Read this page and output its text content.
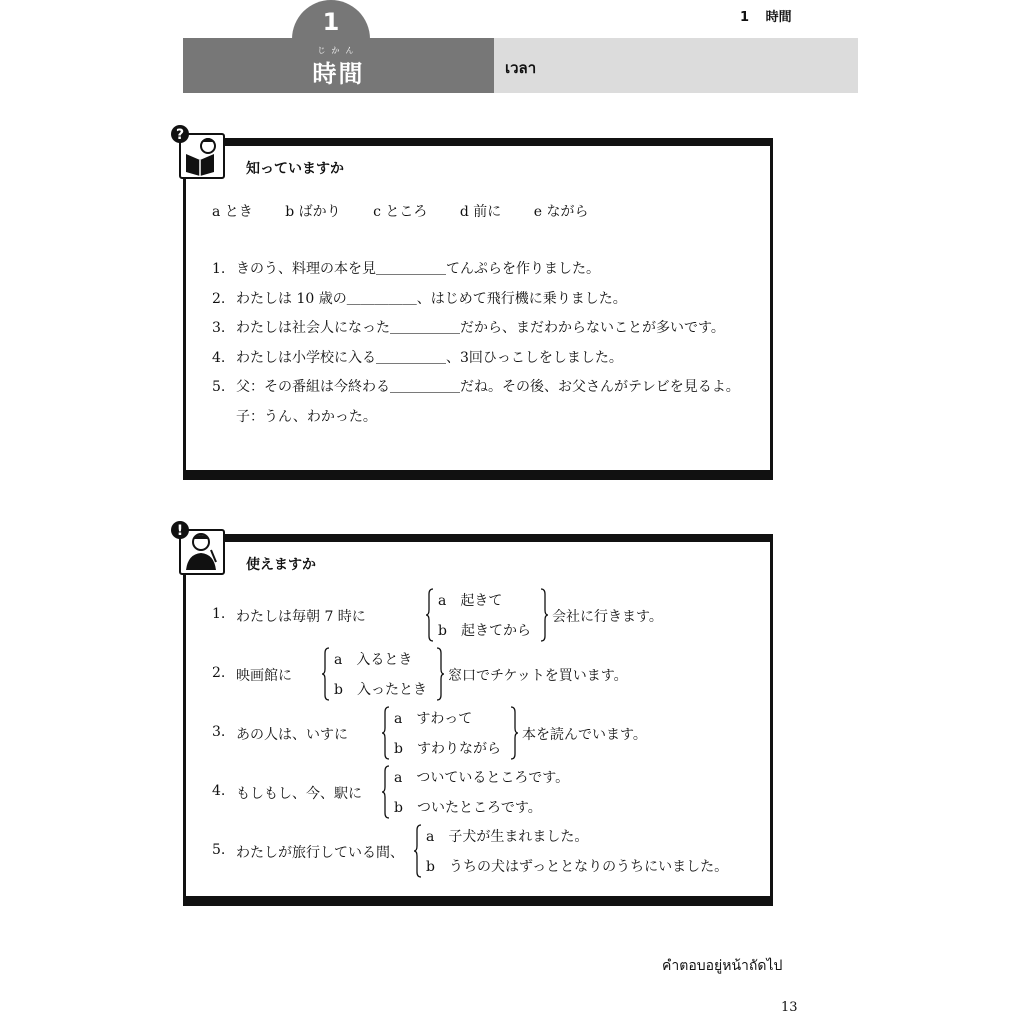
1 時間
1
じかん
時間	เวลา
?
知っていますか
a とき b ばかり c ところ d 前に e ながら
1. きのう、料理の本を見＿＿＿＿＿てんぷらを作りました。
2. わたしは 10 歳の＿＿＿＿＿、はじめて飛行機に乗りました。
3. わたしは社会人になった＿＿＿＿＿だから、まだわからないことが多いです。
4. わたしは小学校に入る＿＿＿＿＿、3回ひっこしをしました。
5. 父：その番組は今終わる＿＿＿＿＿だね。その後、お父さんがテレビを見るよ。
子：うん、わかった。
!
使えますか
1. わたしは毎朝 7 時に
a　起きて
b　起きてから
会社に行きます。
2. 映画館に
a　入るとき
b　入ったとき
窓口でチケットを買います。
3. あの人は、いすに
a　すわって
b　すわりながら
本を読んでいます。
4. もしもし、今、駅に
a　ついているところです。
b　ついたところです。
5. わたしが旅行している間、
a　子犬が生まれました。
b　うちの犬はずっととなりのうちにいました。
คำตอบอยู่หน้าถัดไป
13
